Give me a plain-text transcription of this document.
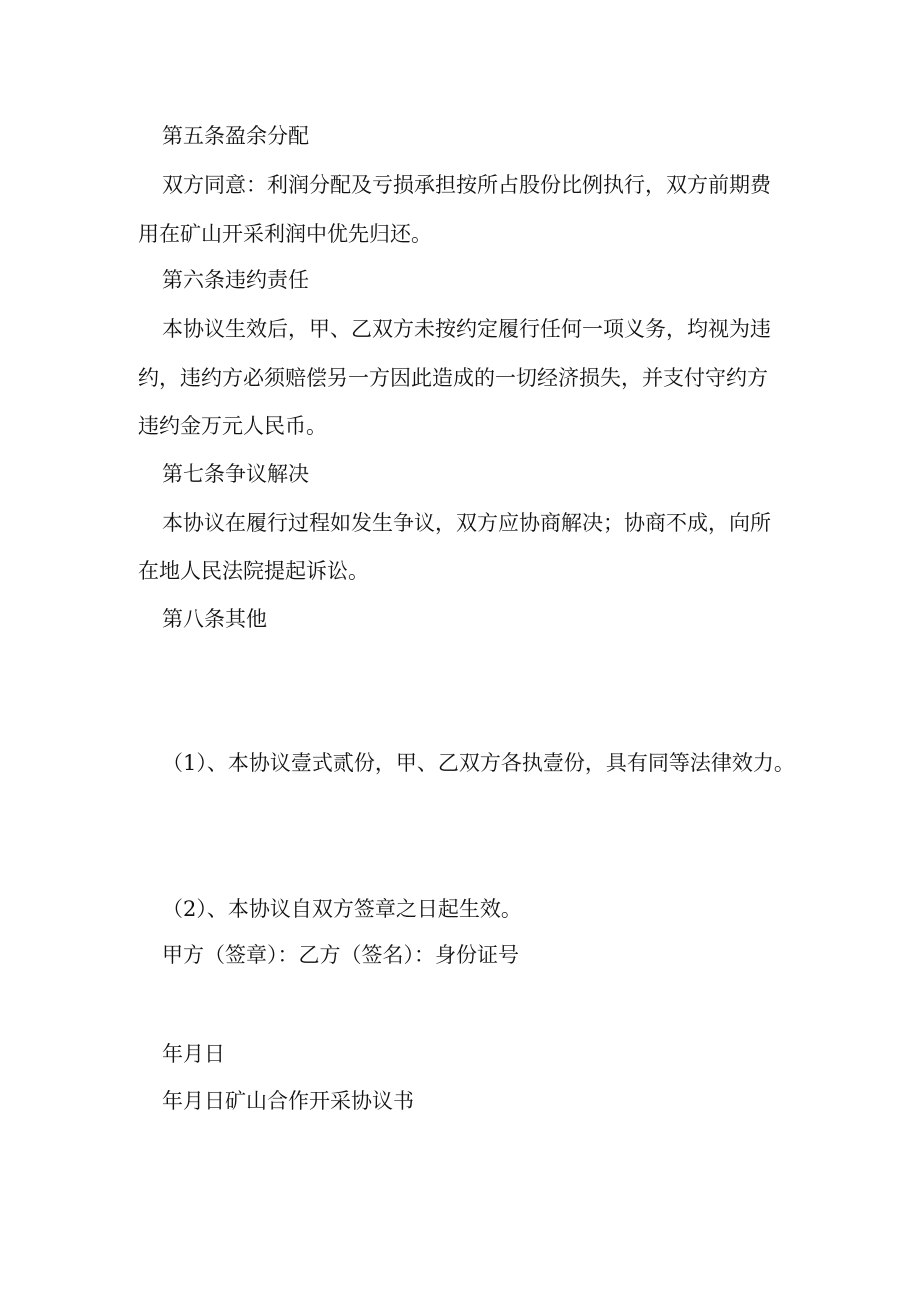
第五条盈余分配
双方同意：利润分配及亏损承担按所占股份比例执行，双方前期费
用在矿山开采利润中优先归还。
第六条违约责任
本协议生效后，甲、乙双方未按约定履行任何一项义务，均视为违
约，违约方必须赔偿另一方因此造成的一切经济损失，并支付守约方
违约金万元人民币。
第七条争议解决
本协议在履行过程如发生争议，双方应协商解决；协商不成，向所
在地人民法院提起诉讼。
第八条其他
（1）、本协议壹式贰份，甲、乙双方各执壹份，具有同等法律效力。
（2）、本协议自双方签章之日起生效。
甲方（签章）：乙方（签名）：身份证号
年月日
年月日矿山合作开采协议书
